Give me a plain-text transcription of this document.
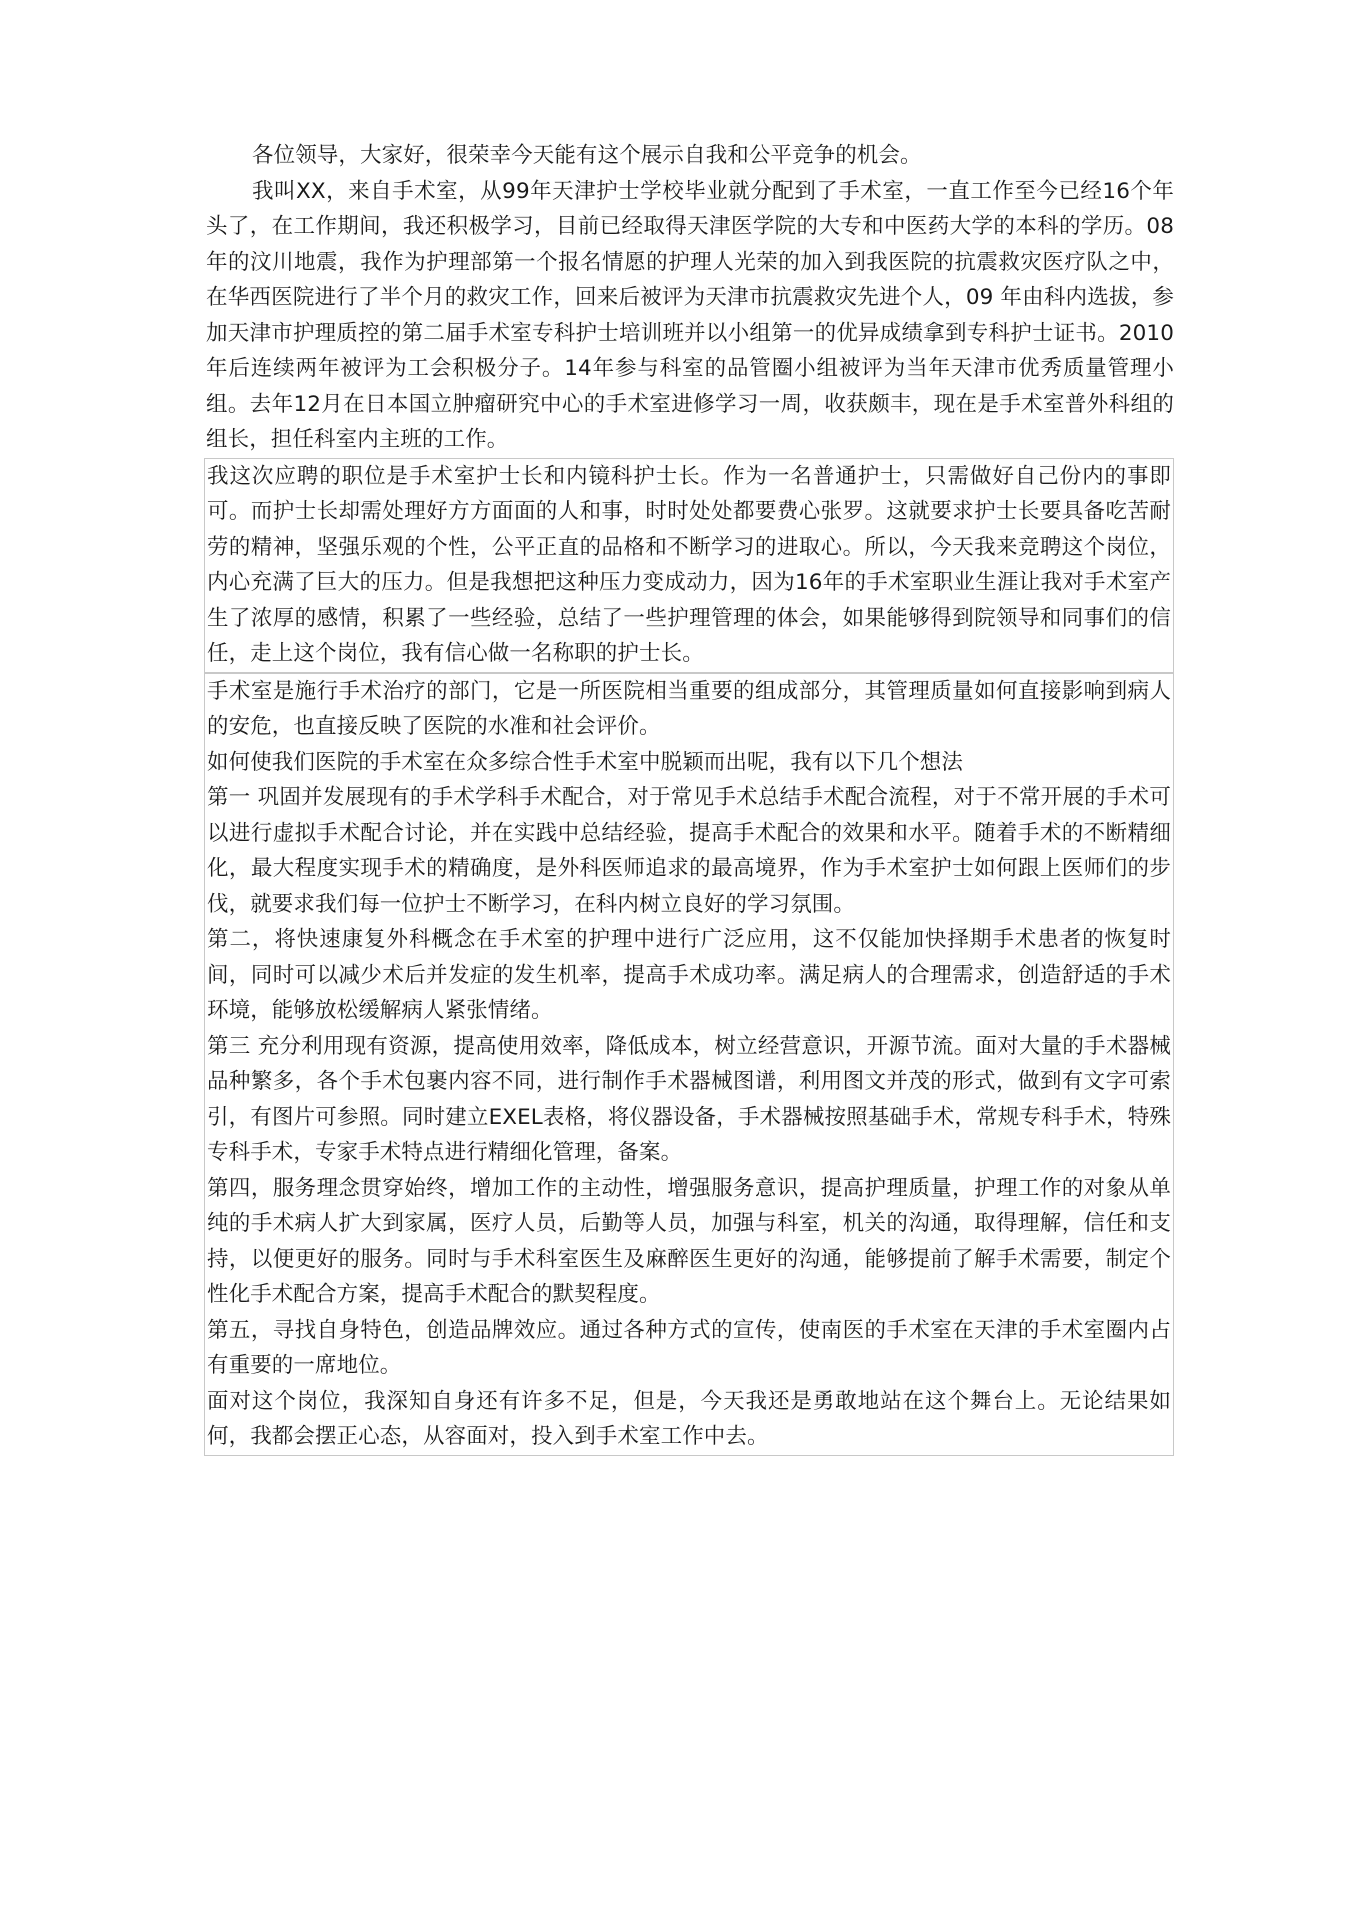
各位领导，大家好，很荣幸今天能有这个展示自我和公平竞争的机会。

我叫XX，来自手术室，从99年天津护士学校毕业就分配到了手术室，一直工作至今已经16个年头了，在工作期间，我还积极学习，目前已经取得天津医学院的大专和中医药大学的本科的学历。08 年的汶川地震，我作为护理部第一个报名情愿的护理人光荣的加入到我医院的抗震救灾医疗队之中，在华西医院进行了半个月的救灾工作，回来后被评为天津市抗震救灾先进个人，09 年由科内选拔，参加天津市护理质控的第二届手术室专科护士培训班并以小组第一的优异成绩拿到专科护士证书。2010 年后连续两年被评为工会积极分子。14年参与科室的品管圈小组被评为当年天津市优秀质量管理小组。去年12月在日本国立肿瘤研究中心的手术室进修学习一周，收获颇丰，现在是手术室普外科组的组长，担任科室内主班的工作。

我这次应聘的职位是手术室护士长和内镜科护士长。作为一名普通护士，只需做好自己份内的事即可。而护士长却需处理好方方面面的人和事，时时处处都要费心张罗。这就要求护士长要具备吃苦耐劳的精神，坚强乐观的个性，公平正直的品格和不断学习的进取心。所以，今天我来竞聘这个岗位，内心充满了巨大的压力。但是我想把这种压力变成动力，因为16年的手术室职业生涯让我对手术室产生了浓厚的感情，积累了一些经验，总结了一些护理管理的体会，如果能够得到院领导和同事们的信任，走上这个岗位，我有信心做一名称职的护士长。

手术室是施行手术治疗的部门，它是一所医院相当重要的组成部分，其管理质量如何直接影响到病人的安危，也直接反映了医院的水准和社会评价。

如何使我们医院的手术室在众多综合性手术室中脱颖而出呢，我有以下几个想法

第一 巩固并发展现有的手术学科手术配合，对于常见手术总结手术配合流程，对于不常开展的手术可以进行虚拟手术配合讨论，并在实践中总结经验，提高手术配合的效果和水平。随着手术的不断精细化，最大程度实现手术的精确度，是外科医师追求的最高境界，作为手术室护士如何跟上医师们的步伐，就要求我们每一位护士不断学习，在科内树立良好的学习氛围。

第二，将快速康复外科概念在手术室的护理中进行广泛应用，这不仅能加快择期手术患者的恢复时间，同时可以减少术后并发症的发生机率，提高手术成功率。满足病人的合理需求，创造舒适的手术环境，能够放松缓解病人紧张情绪。

第三 充分利用现有资源，提高使用效率，降低成本，树立经营意识，开源节流。面对大量的手术器械品种繁多，各个手术包裹内容不同，进行制作手术器械图谱，利用图文并茂的形式，做到有文字可索引，有图片可参照。同时建立EXEL表格，将仪器设备，手术器械按照基础手术，常规专科手术，特殊专科手术，专家手术特点进行精细化管理，备案。

第四，服务理念贯穿始终，增加工作的主动性，增强服务意识，提高护理质量，护理工作的对象从单纯的手术病人扩大到家属，医疗人员，后勤等人员，加强与科室，机关的沟通，取得理解，信任和支持，以便更好的服务。同时与手术科室医生及麻醉医生更好的沟通，能够提前了解手术需要，制定个性化手术配合方案，提高手术配合的默契程度。

第五，寻找自身特色，创造品牌效应。通过各种方式的宣传，使南医的手术室在天津的手术室圈内占有重要的一席地位。

面对这个岗位，我深知自身还有许多不足，但是，今天我还是勇敢地站在这个舞台上。无论结果如何，我都会摆正心态，从容面对，投入到手术室工作中去。
